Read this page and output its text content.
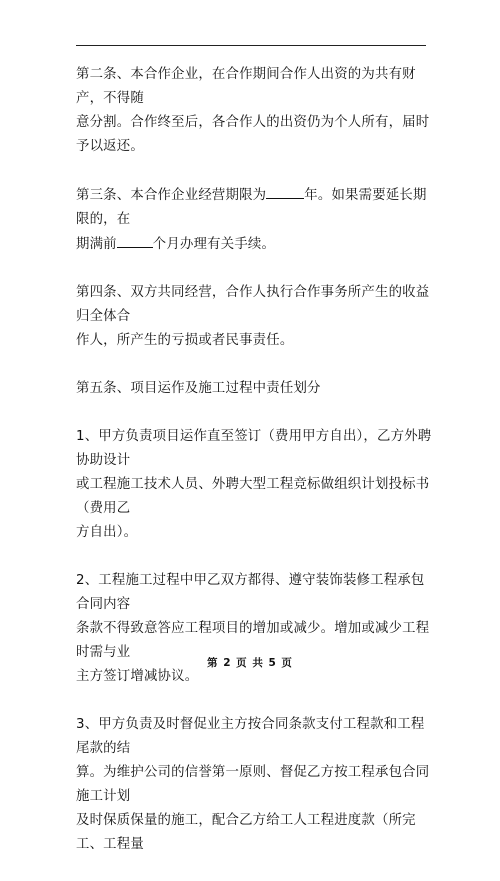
第二条、本合作企业，在合作期间合作人出资的为共有财产，不得随
意分割。合作终至后，各合作人的出资仍为个人所有，届时予以返还。

第三条、本合作企业经营期限为	年。如果需要延长期限的，在
期满前	个月办理有关手续。

第四条、双方共同经营，合作人执行合作事务所产生的收益归全体合
作人，所产生的亏损或者民事责任。

第五条、项目运作及施工过程中责任划分

1、甲方负责项目运作直至签订（费用甲方自出），乙方外聘协助设计
或工程施工技术人员、外聘大型工程竞标做组织计划投标书（费用乙
方自出）。

2、工程施工过程中甲乙双方都得、遵守装饰装修工程承包合同内容
条款不得致意答应工程项目的增加或减少。增加或减少工程时需与业
主方签订增减协议。

3、甲方负责及时督促业主方按合同条款支付工程款和工程尾款的结
算。为维护公司的信誉第一原则、督促乙方按工程承包合同施工计划
及时保质保量的施工，配合乙方给工人工程进度款（所完工、工程量

第 2 页 共 5 页
